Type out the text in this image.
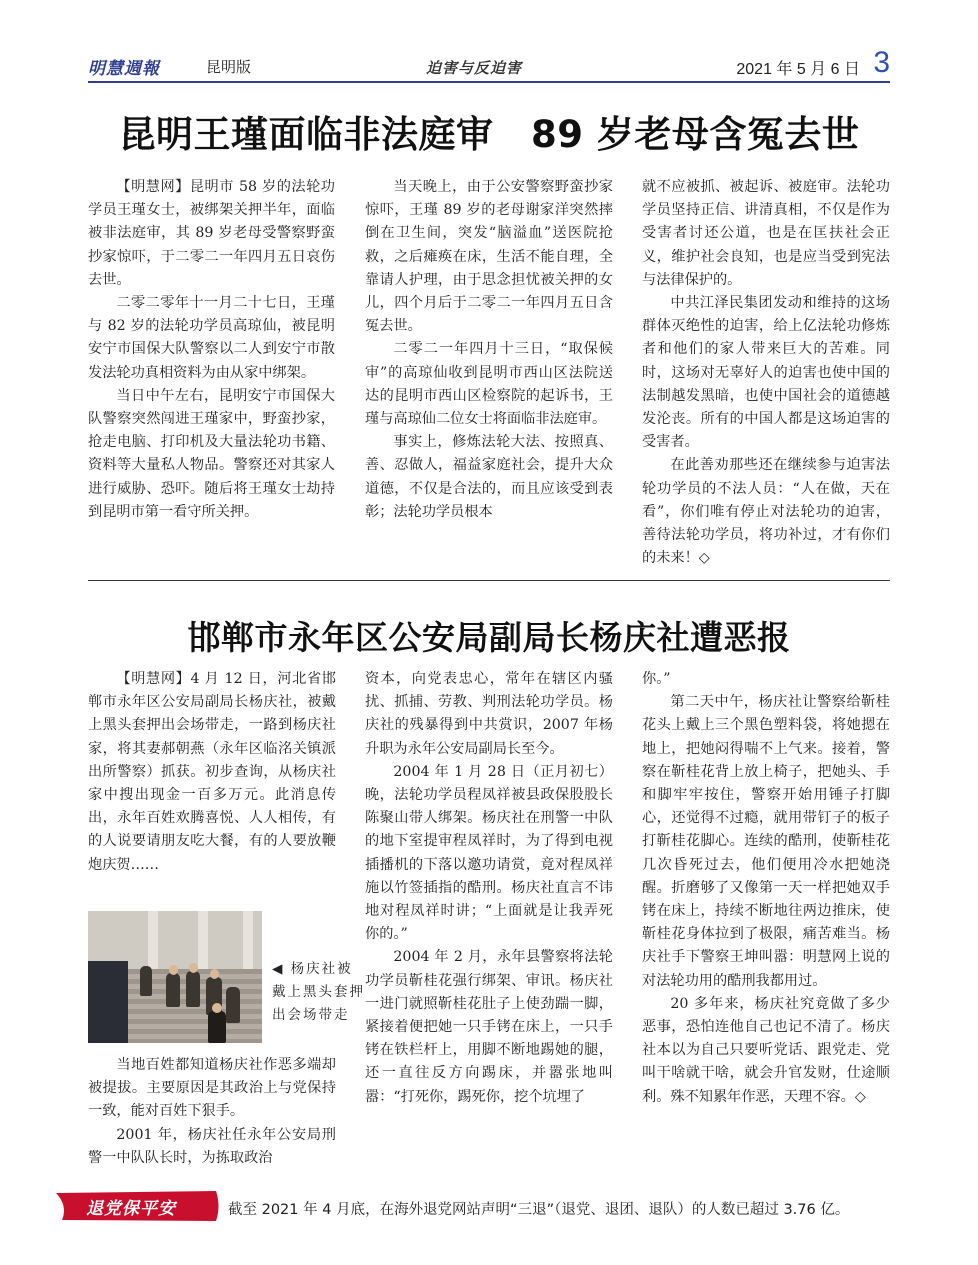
明慧週報	昆明版	迫害与反迫害	2021 年 5 月 6 日 3
昆明王瑾面临非法庭审　89 岁老母含冤去世

【明慧网】昆明市 58 岁的法轮功学员王瑾女士，被绑架关押半年，面临被非法庭审，其 89 岁老母受警察野蛮抄家惊吓，于二零二一年四月五日哀伤去世。

二零二零年十一月二十七日，王瑾与 82 岁的法轮功学员高琼仙，被昆明安宁市国保大队警察以二人到安宁市散发法轮功真相资料为由从家中绑架。

当日中午左右，昆明安宁市国保大队警察突然闯进王瑾家中，野蛮抄家，抢走电脑、打印机及大量法轮功书籍、资料等大量私人物品。警察还对其家人进行威胁、恐吓。随后将王瑾女士劫持到昆明市第一看守所关押。

当天晚上，由于公安警察野蛮抄家惊吓，王瑾 89 岁的老母谢家洋突然摔倒在卫生间，突发“脑溢血”送医院抢救，之后瘫痪在床，生活不能自理，全靠请人护理，由于思念担忧被关押的女儿，四个月后于二零二一年四月五日含冤去世。

二零二一年四月十三日，“取保候审”的高琼仙收到昆明市西山区法院送达的昆明市西山区检察院的起诉书，王瑾与高琼仙二位女士将面临非法庭审。

事实上，修炼法轮大法、按照真、善、忍做人，福益家庭社会，提升大众道德，不仅是合法的，而且应该受到表彰；法轮功学员根本

就不应被抓、被起诉、被庭审。法轮功学员坚持正信、讲清真相，不仅是作为受害者讨还公道，也是在匡扶社会正义，维护社会良知，也是应当受到宪法与法律保护的。

中共江泽民集团发动和维持的这场群体灭绝性的迫害，给上亿法轮功修炼者和他们的家人带来巨大的苦难。同时，这场对无辜好人的迫害也使中国的法制越发黑暗，也使中国社会的道德越发沦丧。所有的中国人都是这场迫害的受害者。

在此善劝那些还在继续参与迫害法轮功学员的不法人员：“人在做，天在看”，你们唯有停止对法轮功的迫害，善待法轮功学员，将功补过，才有你们的未来！◇

邯郸市永年区公安局副局长杨庆社遭恶报

【明慧网】4 月 12 日，河北省邯郸市永年区公安局副局长杨庆社，被戴上黑头套押出会场带走，一路到杨庆社家，将其妻郝朝燕（永年区临洺关镇派出所警察）抓获。初步查询，从杨庆社家中搜出现金一百多万元。此消息传出，永年百姓欢腾喜悦、人人相传，有的人说要请朋友吃大餐，有的人要放鞭炮庆贺……

◀ 杨庆社被戴上黑头套押出会场带走

当地百姓都知道杨庆社作恶多端却被提拔。主要原因是其政治上与党保持一致，能对百姓下狠手。

2001 年，杨庆社任永年公安局刑警一中队队长时，为拣取政治

资本，向党表忠心，常年在辖区内骚扰、抓捕、劳教、判刑法轮功学员。杨庆社的残暴得到中共赏识，2007 年杨升职为永年公安局副局长至今。

2004 年 1 月 28 日（正月初七）晚，法轮功学员程凤祥被县政保股股长陈聚山带人绑架。杨庆社在刑警一中队的地下室提审程凤祥时，为了得到电视插播机的下落以邀功请赏，竟对程凤祥施以竹签插指的酷刑。杨庆社直言不讳地对程凤祥时讲；“上面就是让我弄死你的。”

2004 年 2 月，永年县警察将法轮功学员靳桂花强行绑架、审讯。杨庆社一进门就照靳桂花肚子上使劲踹一脚，紧接着便把她一只手铐在床上，一只手铐在铁栏杆上，用脚不断地踢她的腿，还一直往反方向踢床，并嚣张地叫嚣：“打死你，踢死你，挖个坑埋了

你。”

第二天中午，杨庆社让警察给靳桂花头上戴上三个黑色塑料袋，将她摁在地上，把她闷得喘不上气来。接着，警察在靳桂花背上放上椅子，把她头、手和脚牢牢按住，警察开始用锤子打脚心，还觉得不过瘾，就用带钉子的板子打靳桂花脚心。连续的酷刑，使靳桂花几次昏死过去，他们便用冷水把她浇醒。折磨够了又像第一天一样把她双手铐在床上，持续不断地往两边推床，使靳桂花身体拉到了极限，痛苦难当。杨庆社手下警察王坤叫嚣：明慧网上说的对法轮功用的酷刑我都用过。

20 多年来，杨庆社究竟做了多少恶事，恐怕连他自己也记不清了。杨庆社本以为自己只要听党话、跟党走、党叫干啥就干啥，就会升官发财，仕途顺利。殊不知累年作恶，天理不容。◇

退党保平安	截至 2021 年 4 月底，在海外退党网站声明“三退”（退党、退团、退队）的人数已超过 3.76 亿。
